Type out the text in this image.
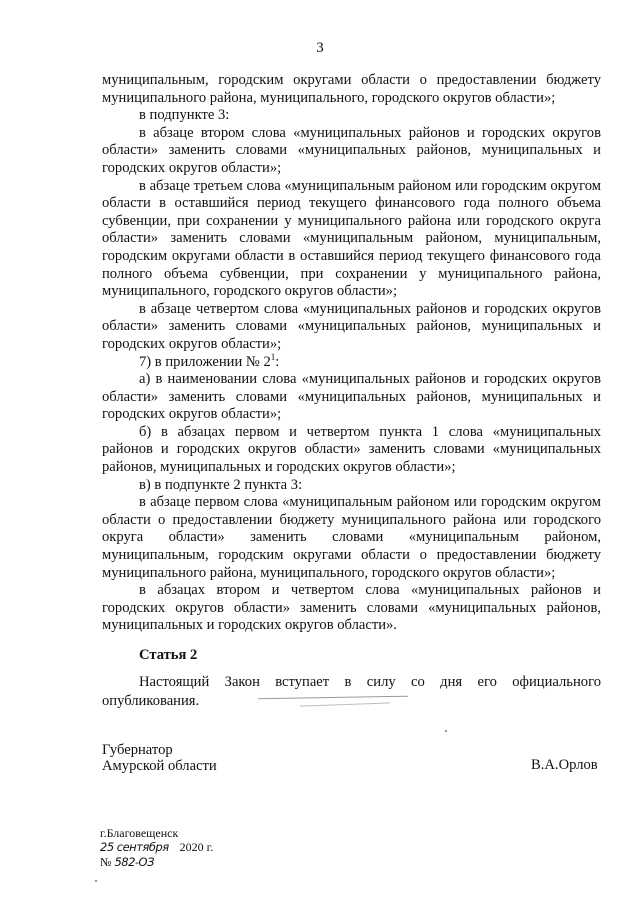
3

муниципальным, городским округами области о предоставлении бюджету муниципального района, муниципального, городского округов области»;

в подпункте 3:

в абзаце втором слова «муниципальных районов и городских округов области» заменить словами «муниципальных районов, муниципальных и городских округов области»;

в абзаце третьем слова «муниципальным районом или городским округом области в оставшийся период текущего финансового года полного объема субвенции, при сохранении у муниципального района или городского округа области» заменить словами «муниципальным районом, муниципальным, городским округами области в оставшийся период текущего финансового года полного объема субвенции, при сохранении у муниципального района, муниципального, городского округов области»;

в абзаце четвертом слова «муниципальных районов и городских округов области» заменить словами «муниципальных районов, муниципальных и городских округов области»;

7) в приложении № $2^1$:

а) в наименовании слова «муниципальных районов и городских округов области» заменить словами «муниципальных районов, муниципальных и городских округов области»;

б) в абзацах первом и четвертом пункта 1 слова «муниципальных районов и городских округов области» заменить словами «муниципальных районов, муниципальных и городских округов области»;

в) в подпункте 2 пункта 3:

в абзаце первом слова «муниципальным районом или городским округом области о предоставлении бюджету муниципального района или городского округа области» заменить словами «муниципальным районом, муниципальным, городским округами области о предоставлении бюджету муниципального района, муниципального, городского округов области»;

в абзацах втором и четвертом слова «муниципальных районов и городских округов области» заменить словами «муниципальных районов, муниципальных и городских округов области».

Статья 2

Настоящий Закон вступает в силу со дня его официального опубликования.

Губернатор
Амурской области	В.А.Орлов
г.Благовещенск
25 сентября 2020 г.
№ 582-ОЗ
